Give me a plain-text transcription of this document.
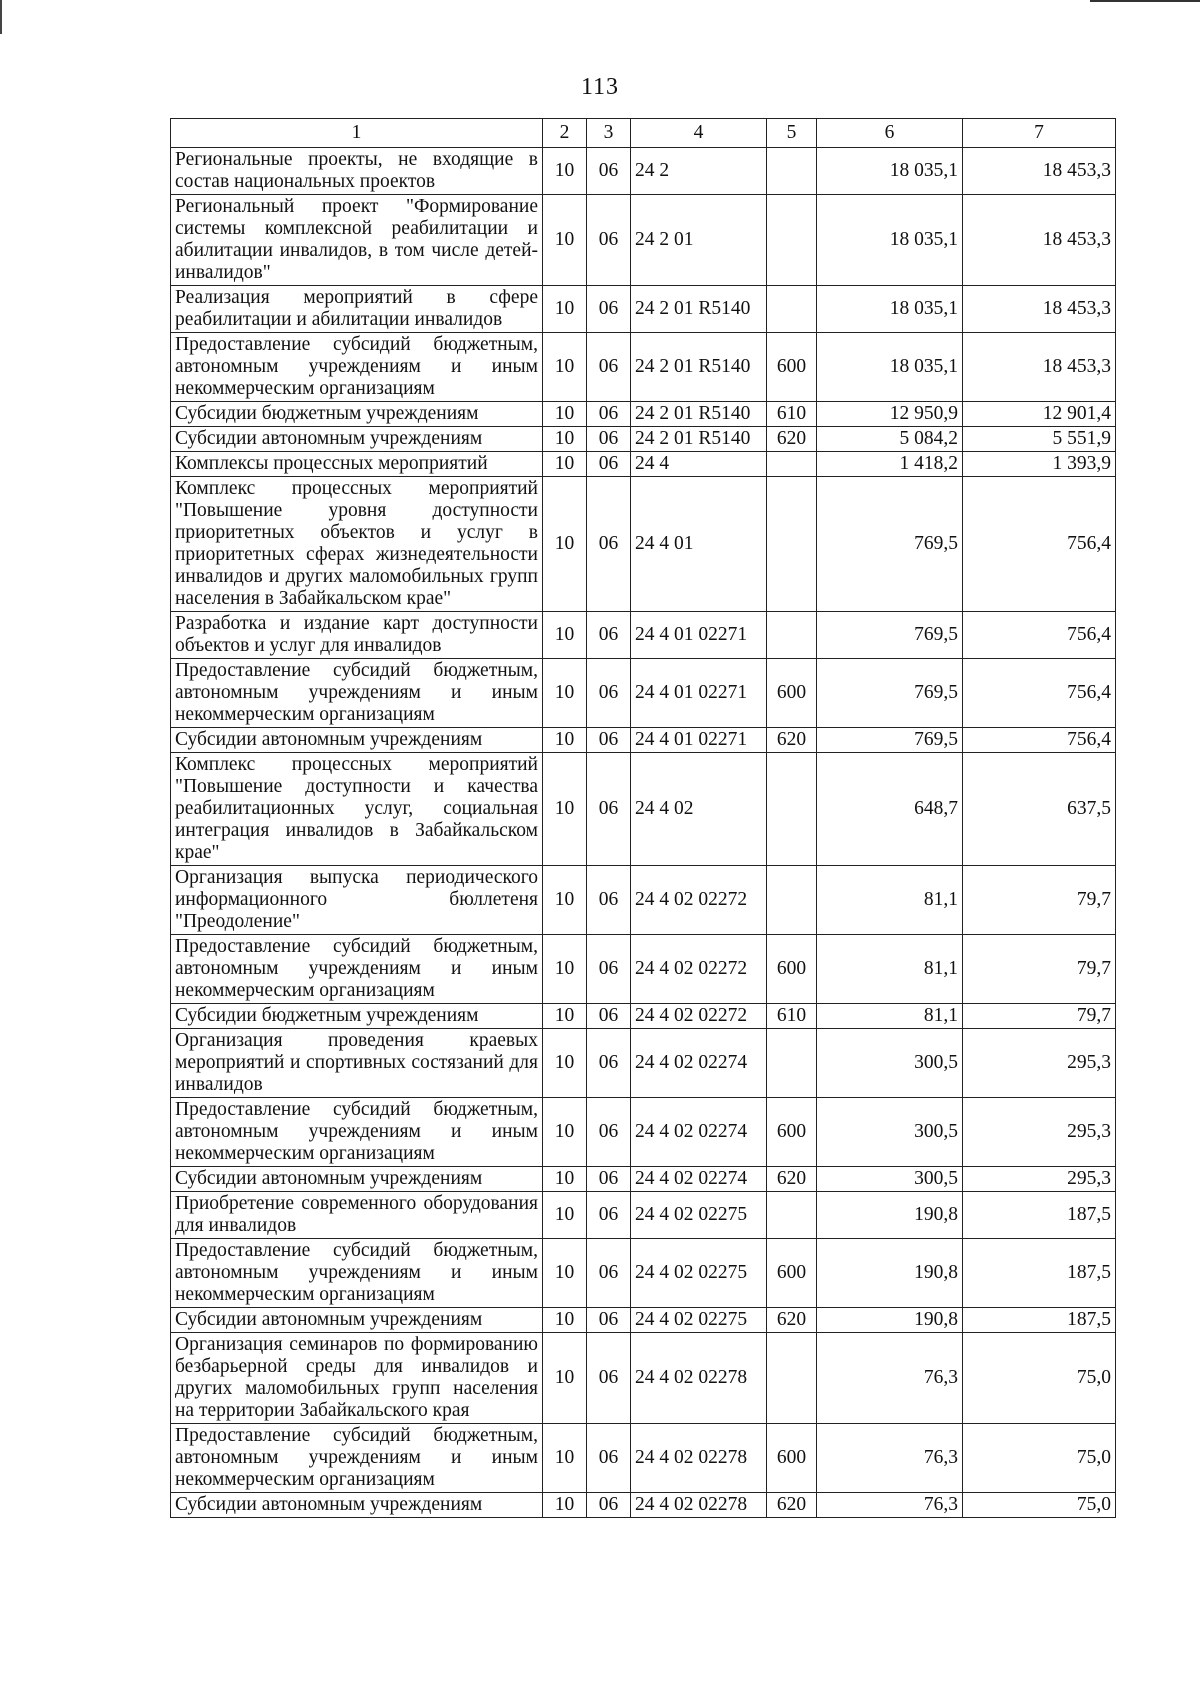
113
1	2	3	4	5	6	7
Региональные проекты, не входящие в состав национальных проектов	10	06	24 2		18 035,1	18 453,3
Региональный проект "Формирование системы комплексной реабилитации и абилитации инвалидов, в том числе детей-инвалидов"	10	06	24 2 01		18 035,1	18 453,3
Реализация мероприятий в сфере реабилитации и абилитации инвалидов	10	06	24 2 01 R5140		18 035,1	18 453,3
Предоставление субсидий бюджетным, автономным учреждениям и иным некоммерческим организациям	10	06	24 2 01 R5140	600	18 035,1	18 453,3
Субсидии бюджетным учреждениям	10	06	24 2 01 R5140	610	12 950,9	12 901,4
Субсидии автономным учреждениям	10	06	24 2 01 R5140	620	5 084,2	5 551,9
Комплексы процессных мероприятий	10	06	24 4		1 418,2	1 393,9
Комплекс процессных мероприятий "Повышение уровня доступности приоритетных объектов и услуг в приоритетных сферах жизнедеятельности инвалидов и других маломобильных групп населения в Забайкальском крае"	10	06	24 4 01		769,5	756,4
Разработка и издание карт доступности объектов и услуг для инвалидов	10	06	24 4 01 02271		769,5	756,4
Предоставление субсидий бюджетным, автономным учреждениям и иным некоммерческим организациям	10	06	24 4 01 02271	600	769,5	756,4
Субсидии автономным учреждениям	10	06	24 4 01 02271	620	769,5	756,4
Комплекс процессных мероприятий "Повышение доступности и качества реабилитационных услуг, социальная интеграция инвалидов в Забайкальском крае"	10	06	24 4 02		648,7	637,5
Организация выпуска периодического информационного бюллетеня "Преодоление"	10	06	24 4 02 02272		81,1	79,7
Предоставление субсидий бюджетным, автономным учреждениям и иным некоммерческим организациям	10	06	24 4 02 02272	600	81,1	79,7
Субсидии бюджетным учреждениям	10	06	24 4 02 02272	610	81,1	79,7
Организация проведения краевых мероприятий и спортивных состязаний для инвалидов	10	06	24 4 02 02274		300,5	295,3
Предоставление субсидий бюджетным, автономным учреждениям и иным некоммерческим организациям	10	06	24 4 02 02274	600	300,5	295,3
Субсидии автономным учреждениям	10	06	24 4 02 02274	620	300,5	295,3
Приобретение современного оборудования для инвалидов	10	06	24 4 02 02275		190,8	187,5
Предоставление субсидий бюджетным, автономным учреждениям и иным некоммерческим организациям	10	06	24 4 02 02275	600	190,8	187,5
Субсидии автономным учреждениям	10	06	24 4 02 02275	620	190,8	187,5
Организация семинаров по формированию безбарьерной среды для инвалидов и других маломобильных групп населения на территории Забайкальского края	10	06	24 4 02 02278		76,3	75,0
Предоставление субсидий бюджетным, автономным учреждениям и иным некоммерческим организациям	10	06	24 4 02 02278	600	76,3	75,0
Субсидии автономным учреждениям	10	06	24 4 02 02278	620	76,3	75,0
